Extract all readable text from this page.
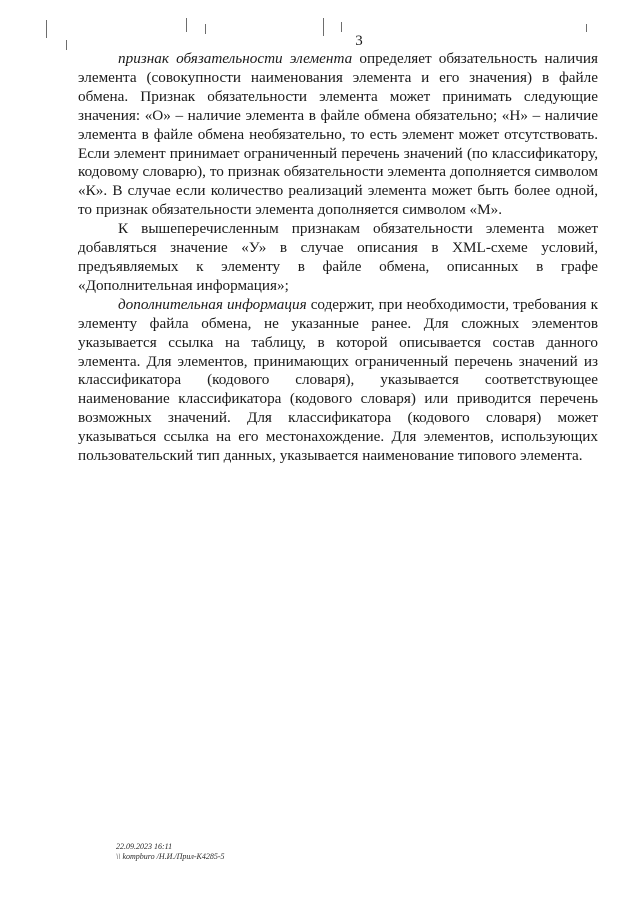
3

признак обязательности элемента определяет обязательность наличия элемента (совокупности наименования элемента и его значения) в файле обмена. Признак обязательности элемента может принимать следующие значения: «О» – наличие элемента в файле обмена обязательно; «Н» – наличие элемента в файле обмена необязательно, то есть элемент может отсутствовать. Если элемент принимает ограниченный перечень значений (по классификатору, кодовому словарю), то признак обязательности элемента дополняется символом «К». В случае если количество реализаций элемента может быть более одной, то признак обязательности элемента дополняется символом «М».

К вышеперечисленным признакам обязательности элемента может добавляться значение «У» в случае описания в XML-схеме условий, предъявляемых к элементу в файле обмена, описанных в графе «Дополнительная информация»;

дополнительная информация содержит, при необходимости, требования к элементу файла обмена, не указанные ранее. Для сложных элементов указывается ссылка на таблицу, в которой описывается состав данного элемента. Для элементов, принимающих ограниченный перечень значений из классификатора (кодового словаря), указывается соответствующее наименование классификатора (кодового словаря) или приводится перечень возможных значений. Для классификатора (кодового словаря) может указываться ссылка на его местонахождение. Для элементов, использующих пользовательский тип данных, указывается наименование типового элемента.

22.09.2023 16:11
\\ kompburo /Н.И./Прил-К4285-5
